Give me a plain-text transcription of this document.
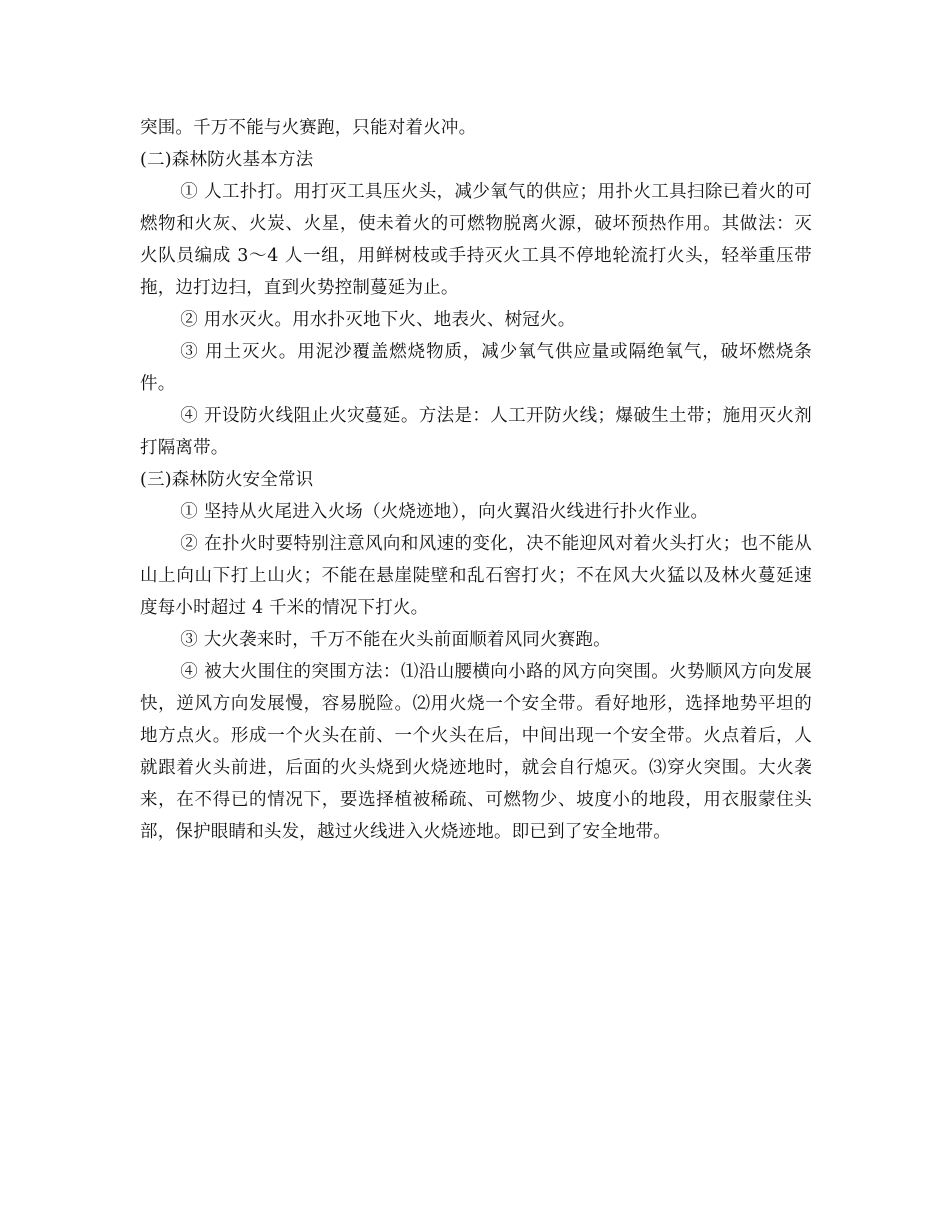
突围。千万不能与火赛跑，只能对着火冲。

(二)森林防火基本方法

① 人工扑打。用打灭工具压火头，减少氧气的供应；用扑火工具扫除已着火的可燃物和火灰、火炭、火星，使未着火的可燃物脱离火源，破坏预热作用。其做法：灭火队员编成 3～4 人一组，用鲜树枝或手持灭火工具不停地轮流打火头，轻举重压带拖，边打边扫，直到火势控制蔓延为止。

② 用水灭火。用水扑灭地下火、地表火、树冠火。

③ 用土灭火。用泥沙覆盖燃烧物质，减少氧气供应量或隔绝氧气，破坏燃烧条件。

④ 开设防火线阻止火灾蔓延。方法是：人工开防火线；爆破生土带；施用灭火剂打隔离带。

(三)森林防火安全常识

① 坚持从火尾进入火场（火烧迹地），向火翼沿火线进行扑火作业。

② 在扑火时要特别注意风向和风速的变化，决不能迎风对着火头打火；也不能从山上向山下打上山火；不能在悬崖陡壁和乱石窖打火；不在风大火猛以及林火蔓延速度每小时超过 4 千米的情况下打火。

③ 大火袭来时，千万不能在火头前面顺着风同火赛跑。

④ 被大火围住的突围方法：⑴沿山腰横向小路的风方向突围。火势顺风方向发展快，逆风方向发展慢，容易脱险。⑵用火烧一个安全带。看好地形，选择地势平坦的地方点火。形成一个火头在前、一个火头在后，中间出现一个安全带。火点着后，人就跟着火头前进，后面的火头烧到火烧迹地时，就会自行熄灭。⑶穿火突围。大火袭来，在不得已的情况下，要选择植被稀疏、可燃物少、坡度小的地段，用衣服蒙住头部，保护眼睛和头发，越过火线进入火烧迹地。即已到了安全地带。
